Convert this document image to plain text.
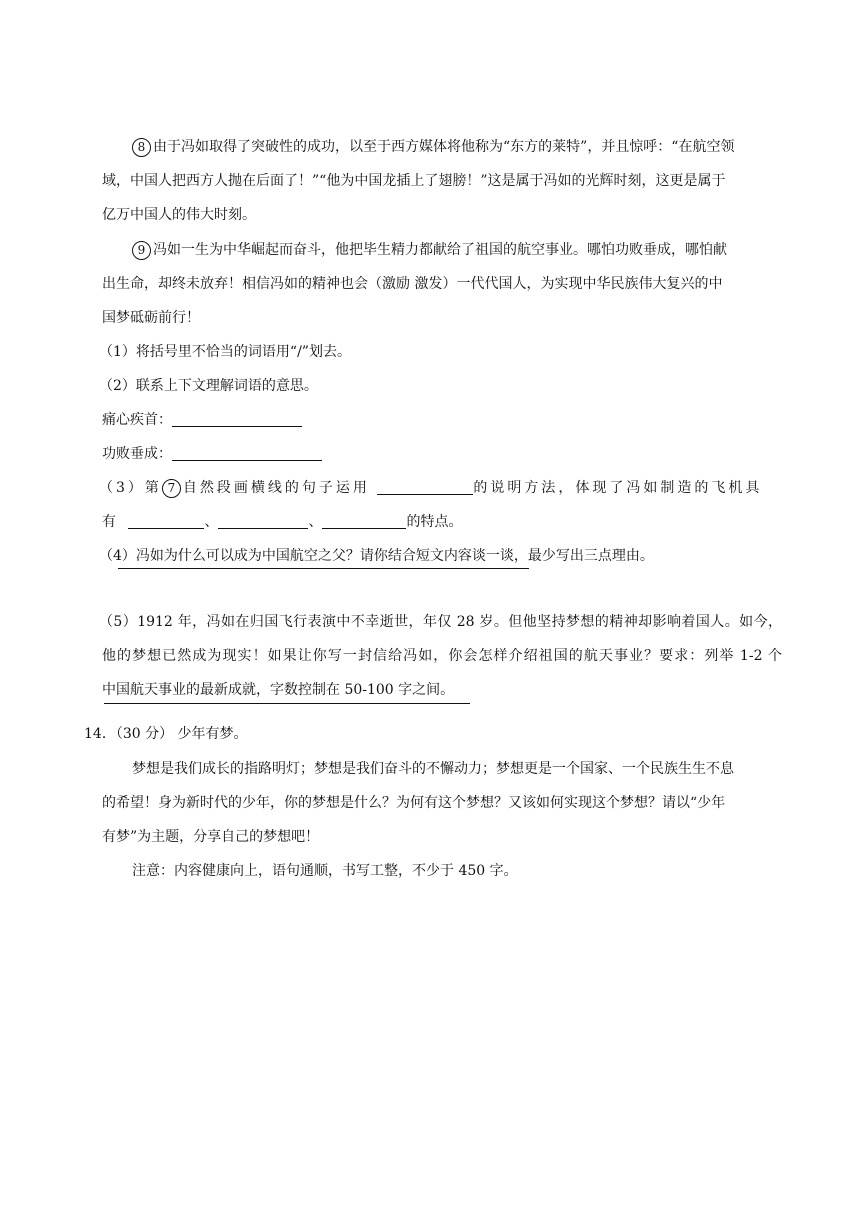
8 由于冯如取得了突破性的成功，以至于西方媒体将他称为“东方的莱特”，并且惊呼：“在航空领
域，中国人把西方人抛在后面了！”“他为中国龙插上了翅膀！”这是属于冯如的光辉时刻，这更是属于
亿万中国人的伟大时刻。
9 冯如一生为中华崛起而奋斗，他把毕生精力都献给了祖国的航空事业。哪怕功败垂成，哪怕献
出生命，却终未放弃！相信冯如的精神也会（激励 激发）一代代国人，为实现中华民族伟大复兴的中
国梦砥砺前行！
（1）将括号里不恰当的词语用“/”划去。
（2）联系上下文理解词语的意思。
痛心疾首：
功败垂成：
（3）第 7 自然段画横线的句子运用	的说明方法，体现了冯如制造的飞机具
有	、	、	的特点。
（4）冯如为什么可以成为中国航空之父？请你结合短文内容谈一谈，最少写出三点理由。
（5）1912 年，冯如在归国飞行表演中不幸逝世，年仅 28 岁。但他坚持梦想的精神却影响着国人。如今，
他的梦想已然成为现实！如果让你写一封信给冯如，你会怎样介绍祖国的航天事业？要求：列举 1-2 个
中国航天事业的最新成就，字数控制在 50-100 字之间。
14．（30 分） 少年有梦。
梦想是我们成长的指路明灯；梦想是我们奋斗的不懈动力；梦想更是一个国家、一个民族生生不息
的希望！身为新时代的少年，你的梦想是什么？为何有这个梦想？又该如何实现这个梦想？请以“少年
有梦”为主题，分享自己的梦想吧！
注意：内容健康向上，语句通顺，书写工整，不少于 450 字。
